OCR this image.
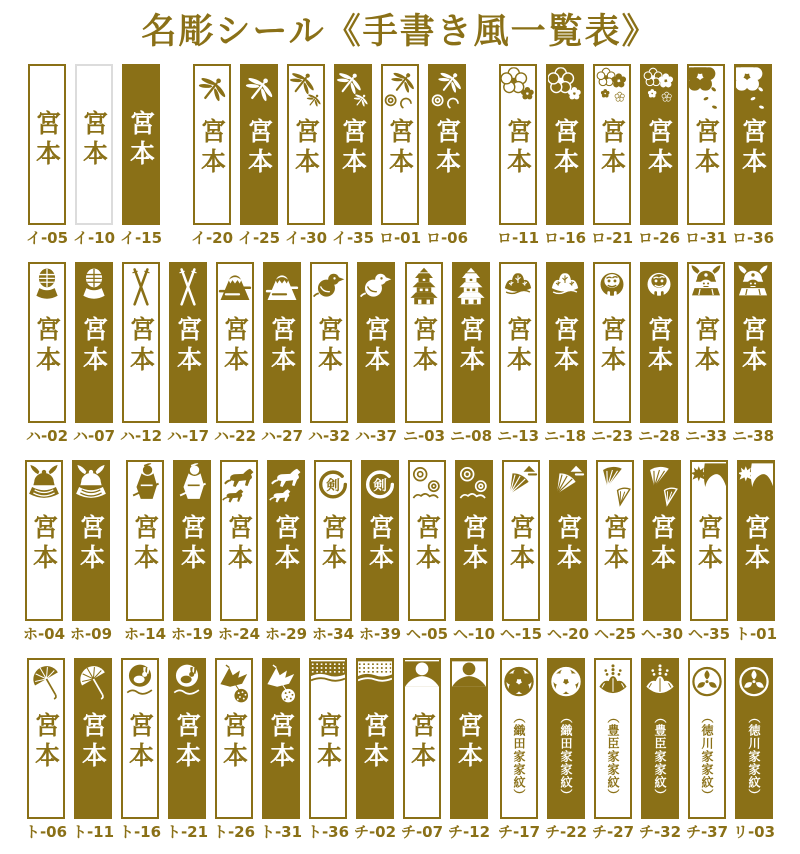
名彫シール《手書き風一覧表》
宮本
イ-05
宮本
イ-10
宮本
イ-15
宮本
イ-20
宮本
イ-25
宮本
イ-30
宮本
イ-35
宮本
ロ-01
宮本
ロ-06
宮本
ロ-11
宮本
ロ-16
宮本
ロ-21
宮本
ロ-26
宮本
ロ-31
宮本
ロ-36
宮本
ハ-02
宮本
ハ-07
宮本
ハ-12
宮本
ハ-17
宮本
ハ-22
宮本
ハ-27
宮本
ハ-32
宮本
ハ-37
宮本
ニ-03
宮本
ニ-08
宮本
ニ-13
宮本
ニ-18
宮本
ニ-23
宮本
ニ-28
宮本
ニ-33
宮本
ニ-38
宮本
ホ-04
宮本
ホ-09
宮本
ホ-14
宮本
ホ-19
宮本
ホ-24
宮本
ホ-29
宮本
ホ-34
宮本
ホ-39
宮本
ヘ-05
宮本
ヘ-10
宮本
ヘ-15
宮本
ヘ-20
宮本
ヘ-25
宮本
ヘ-30
宮本
ヘ-35
宮本
ト-01
宮本
ト-06
宮本
ト-11
宮本
ト-16
宮本
ト-21
宮本
ト-26
宮本
ト-31
宮本
ト-36
宮本
チ-02
宮本
チ-07
宮本
チ-12
（織田家家紋）
チ-17
（織田家家紋）
チ-22
（豊臣家家紋）
チ-27
（豊臣家家紋）
チ-32
（徳川家家紋）
チ-37
（徳川家家紋）
リ-03
